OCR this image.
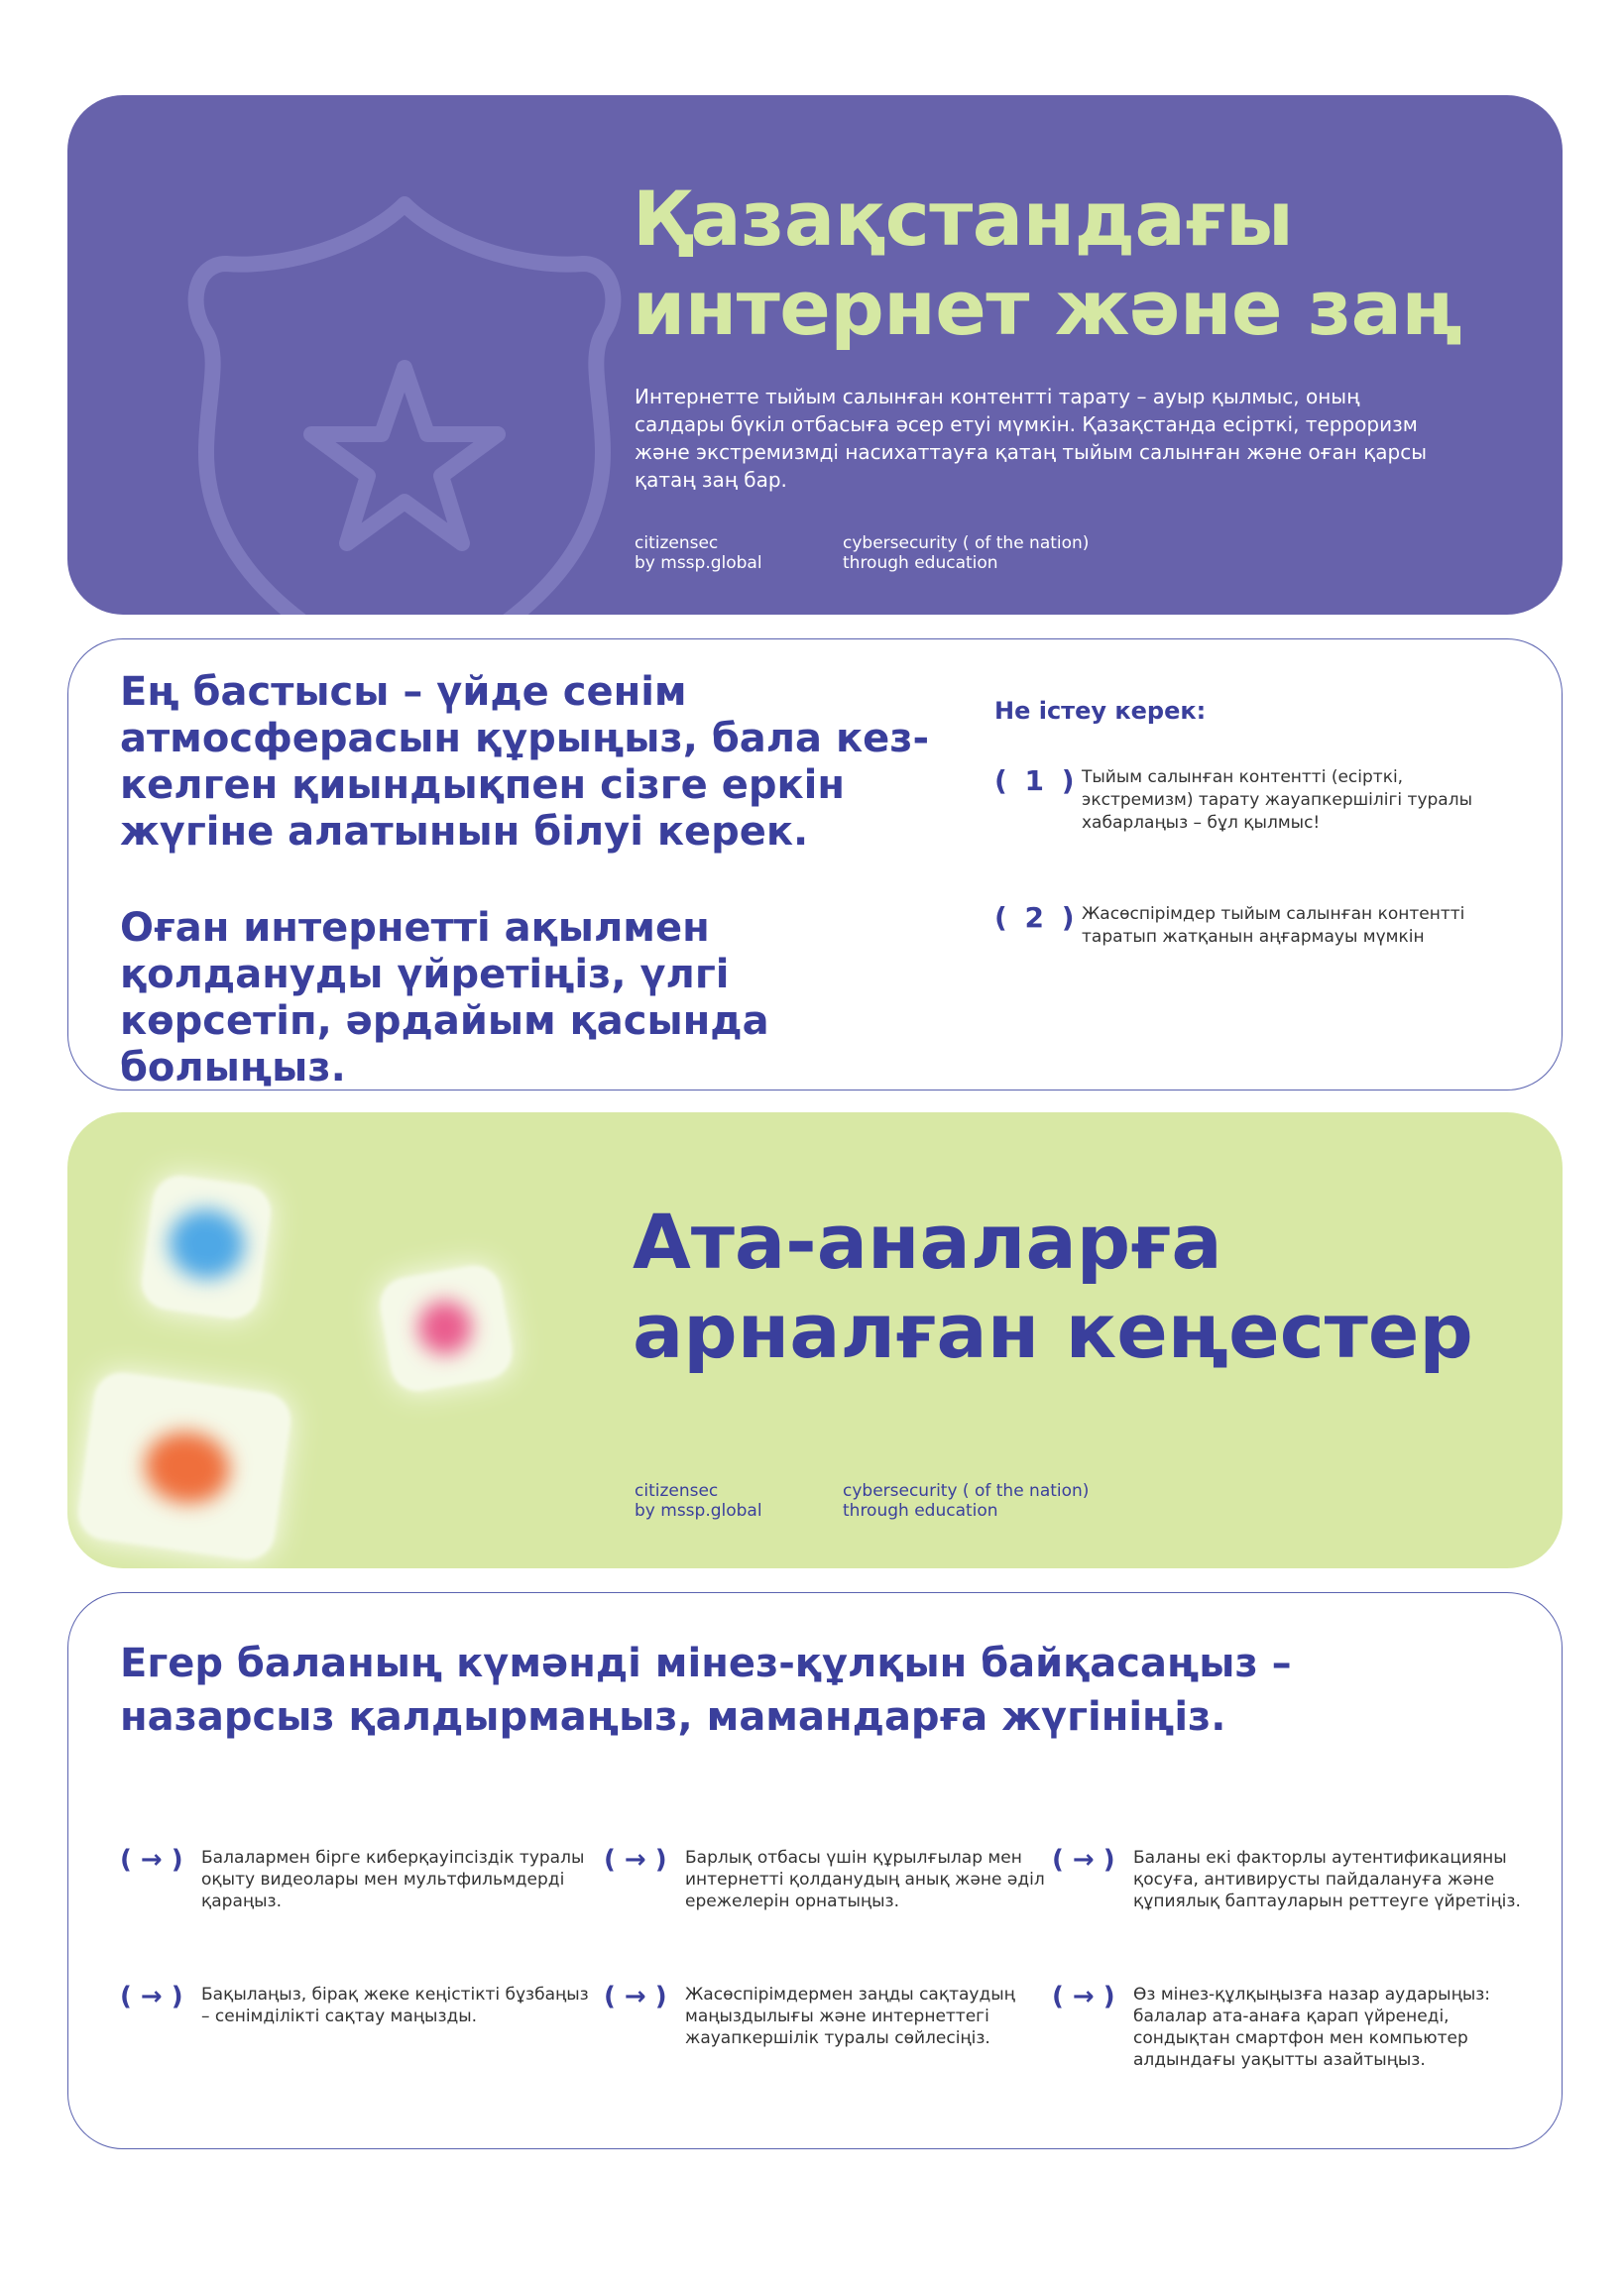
Қазақстандағы
интернет және заң

Интернетте тыйым салынған контентті тарату – ауыр қылмыс, оның салдары бүкіл отбасыға әсер етуі мүмкін. Қазақстанда есірткі, терроризм және экстремизмді насихаттауға қатаң тыйым салынған және оған қарсы қатаң заң бар.

citizensec
by mssp.global
cybersecurity ( of the nation)
through education

Ең бастысы – үйде сенім атмосферасын құрыңыз, бала кез-келген қиындықпен сізге еркін жүгіне алатынын білуі керек.

Оған интернетті ақылмен қолдануды үйретіңіз, үлгі көрсетіп, әрдайым қасында болыңыз.

Не істеу керек:
( 1 ) Тыйым салынған контентті (есірткі, экстремизм) тарату жауапкершілігі туралы хабарлаңыз – бұл қылмыс!

( 2 ) Жасөспірімдер тыйым салынған контентті таратып жатқанын аңғармауы мүмкін

Ата-аналарға
арналған кеңестер
citizensec
by mssp.global
cybersecurity ( of the nation)
through education
Егер баланың күмәнді мінез-құлқын байқасаңыз – назарсыз қалдырмаңыз, мамандарға жүгініңіз.
( → ) Балалармен бірге киберқауіпсіздік туралы оқыту видеолары мен мультфильмдерді қараңыз.

( → ) Барлық отбасы үшін құрылғылар мен интернетті қолданудың анық және әділ ережелерін орнатыңыз.

( → ) Баланы екі факторлы аутентификацияны қосуға, антивирусты пайдалануға және құпиялық баптауларын реттеуге үйретіңіз.

( → ) Бақылаңыз, бірақ жеке кеңістікті бұзбаңыз – сенімділікті сақтау маңызды.

( → ) Жасөспірімдермен заңды сақтаудың маңыздылығы және интернеттегі жауапкершілік туралы сөйлесіңіз.

( → ) Өз мінез-құлқыңызға назар аударыңыз: балалар ата-анаға қарап үйренеді, сондықтан смартфон мен компьютер алдындағы уақытты азайтыңыз.
